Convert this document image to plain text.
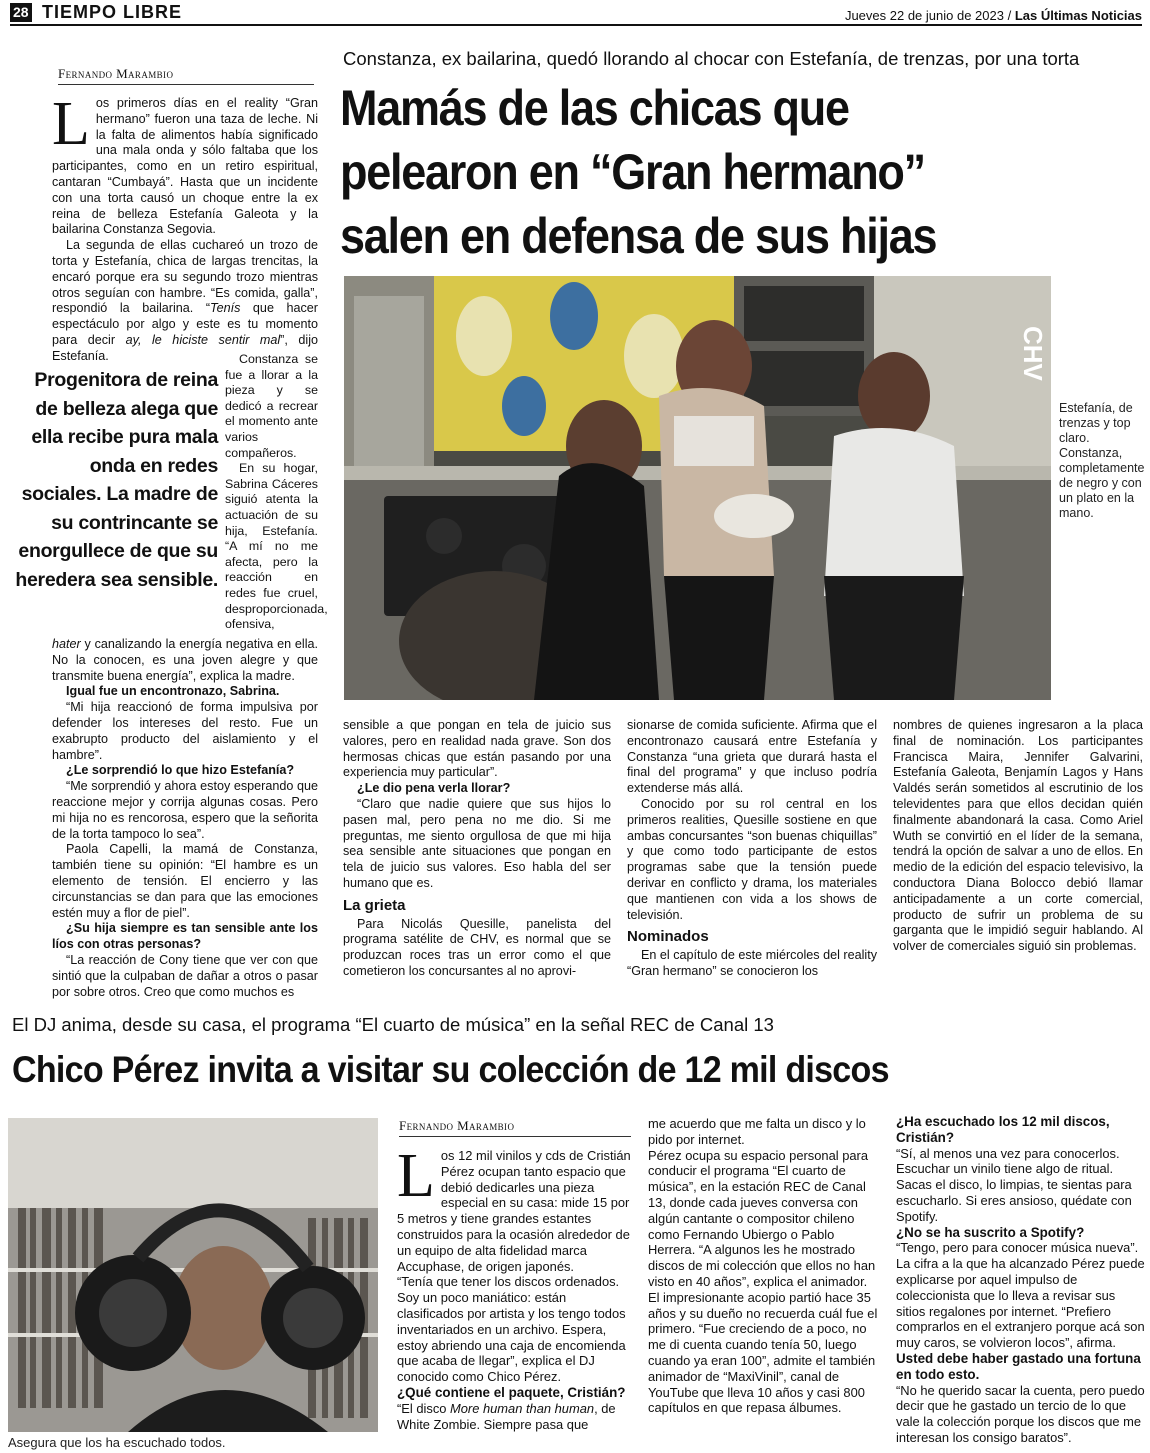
28 TIEMPO LIBRE	Jueves 22 de junio de 2023 / Las Últimas Noticias
Fernando Marambio
Constanza, ex bailarina, quedó llorando al chocar con Estefanía, de trenzas, por una torta
Mamás de las chicas que pelearon en “Gran hermano” salen en defensa de sus hijas
L os primeros días en el reality “Gran hermano” fueron una taza de leche. Ni la falta de alimentos había significado una mala onda y sólo faltaba que los participantes, como en un retiro espiritual, cantaran “Cumbayá”. Hasta que un incidente con una torta causó un choque entre la ex reina de belleza Estefanía Galeota y la bailarina Constanza Segovia.

La segunda de ellas cuchareó un trozo de torta y Estefanía, chica de largas trencitas, la encaró porque era su segundo trozo mientras otros seguían con hambre. “Es comida, galla”, respondió la bailarina. “Tenís que hacer espectáculo por algo y este es tu momento para decir ay, le hiciste sentir mal”, dijo Estefanía.

Progenitora de reina de belleza alega que ella recibe pura mala onda en redes sociales. La madre de su contrincante se enorgullece de que su heredera sea sensible.

Constanza se fue a llorar a la pieza y se dedicó a recrear el momento ante varios compañeros.

En su hogar, Sabrina Cáceres siguió atenta la actuación de su hija, Estefanía. “A mí no me afecta, pero la reacción en redes fue cruel, desproporcionada, ofensiva,

hater y canalizando la energía negativa en ella. No la conocen, es una joven alegre y que transmite buena energía”, explica la madre.

Igual fue un encontronazo, Sabrina.

“Mi hija reaccionó de forma impulsiva por defender los intereses del resto. Fue un exabrupto producto del aislamiento y el hambre”.

¿Le sorprendió lo que hizo Estefanía?

“Me sorprendió y ahora estoy esperando que reaccione mejor y corrija algunas cosas. Pero mi hija no es rencorosa, espero que la señorita de la torta tampoco lo sea”.

Paola Capelli, la mamá de Constanza, también tiene su opinión: “El hambre es un elemento de tensión. El encierro y las circunstancias se dan para que las emociones estén muy a flor de piel”.

¿Su hija siempre es tan sensible ante los líos con otras personas?

“La reacción de Cony tiene que ver con que sintió que la culpaban de dañar a otros o pasar por sobre otros. Creo que como muchos es

CHV
Estefanía, de trenzas y top claro. Constanza, completamente de negro y con un plato en la mano.

sensible a que pongan en tela de juicio sus valores, pero en realidad nada grave. Son dos hermosas chicas que están pasando por una experiencia muy particular”.

¿Le dio pena verla llorar?

“Claro que nadie quiere que sus hijos lo pasen mal, pero pena no me dio. Si me preguntas, me siento orgullosa de que mi hija sea sensible ante situaciones que pongan en tela de juicio sus valores. Eso habla del ser humano que es.

La grieta

Para Nicolás Quesille, panelista del programa satélite de CHV, es normal que se produzcan roces tras un error como el que cometieron los concursantes al no aprovi-

sionarse de comida suficiente. Afirma que el encontronazo causará entre Estefanía y Constanza “una grieta que durará hasta el final del programa” y que incluso podría extenderse más allá.

Conocido por su rol central en los primeros realities, Quesille sostiene en que ambas concursantes “son buenas chiquillas” y que como todo participante de estos programas sabe que la tensión puede derivar en conflicto y drama, los materiales que mantienen con vida a los shows de televisión.

Nominados

En el capítulo de este miércoles del reality “Gran hermano” se conocieron los

nombres de quienes ingresaron a la placa final de nominación. Los participantes Francisca Maira, Jennifer Galvarini, Estefanía Galeota, Benjamín Lagos y Hans Valdés serán sometidos al escrutinio de los televidentes para que ellos decidan quién finalmente abandonará la casa. Como Ariel Wuth se convirtió en el líder de la semana, tendrá la opción de salvar a uno de ellos. En medio de la edición del espacio televisivo, la conductora Diana Bolocco debió llamar anticipadamente a un corte comercial, producto de sufrir un problema de su garganta que le impidió seguir hablando. Al volver de comerciales siguió sin problemas.

El DJ anima, desde su casa, el programa “El cuarto de música” en la señal REC de Canal 13
Chico Pérez invita a visitar su colección de 12 mil discos
Asegura que los ha escuchado todos.
Fernando Marambio
L os 12 mil vinilos y cds de Cristián Pérez ocupan tanto espacio que debió dedicarles una pieza especial en su casa: mide 15 por 5 metros y tiene grandes estantes construidos para la ocasión alrededor de un equipo de alta fidelidad marca Accuphase, de origen japonés.

“Tenía que tener los discos ordenados. Soy un poco maniático: están clasificados por artista y los tengo todos inventariados en un archivo. Espera, estoy abriendo una caja de encomienda que acaba de llegar”, explica el DJ conocido como Chico Pérez.

¿Qué contiene el paquete, Cristián?

“El disco More human than human, de White Zombie. Siempre pasa que

me acuerdo que me falta un disco y lo pido por internet.

Pérez ocupa su espacio personal para conducir el programa “El cuarto de música”, en la estación REC de Canal 13, donde cada jueves conversa con algún cantante o compositor chileno como Fernando Ubiergo o Pablo Herrera. “A algunos les he mostrado discos de mi colección que ellos no han visto en 40 años”, explica el animador.

El impresionante acopio partió hace 35 años y su dueño no recuerda cuál fue el primero. “Fue creciendo de a poco, no me di cuenta cuando tenía 50, luego cuando ya eran 100”, admite el también animador de “MaxiVinil”, canal de YouTube que lleva 10 años y casi 800 capítulos en que repasa álbumes.

¿Ha escuchado los 12 mil discos, Cristián?

“Sí, al menos una vez para conocerlos. Escuchar un vinilo tiene algo de ritual. Sacas el disco, lo limpias, te sientas para escucharlo. Si eres ansioso, quédate con Spotify.

¿No se ha suscrito a Spotify?

“Tengo, pero para conocer música nueva”. La cifra a la que ha alcanzado Pérez puede explicarse por aquel impulso de coleccionista que lo lleva a revisar sus sitios regalones por internet. “Prefiero comprarlos en el extranjero porque acá son muy caros, se volvieron locos”, afirma.

Usted debe haber gastado una fortuna en todo esto.

“No he querido sacar la cuenta, pero puedo decir que he gastado un tercio de lo que vale la colección porque los discos que me interesan los consigo baratos”.
